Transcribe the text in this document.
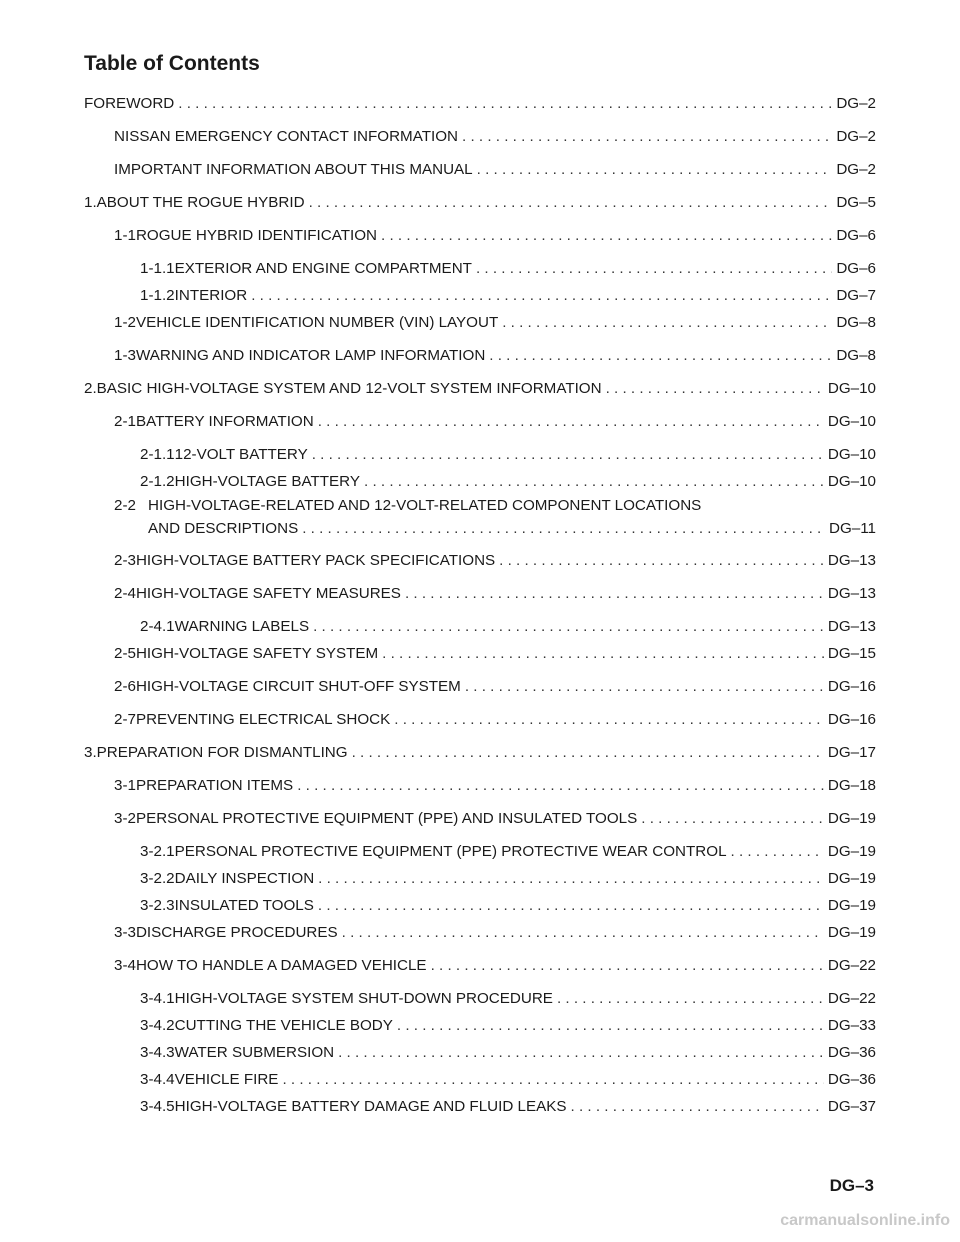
Table of Contents
FOREWORD . . .	DG–2
NISSAN EMERGENCY CONTACT INFORMATION . . .	DG–2
IMPORTANT INFORMATION ABOUT THIS MANUAL . . .	DG–2
1. ABOUT THE ROGUE HYBRID . . .	DG–5
1-1 ROGUE HYBRID IDENTIFICATION . . .	DG–6
1-1.1 EXTERIOR AND ENGINE COMPARTMENT . . .	DG–6
1-1.2 INTERIOR . . .	DG–7
1-2 VEHICLE IDENTIFICATION NUMBER (VIN) LAYOUT . . .	DG–8
1-3 WARNING AND INDICATOR LAMP INFORMATION . . .	DG–8
2. BASIC HIGH-VOLTAGE SYSTEM AND 12-VOLT SYSTEM INFORMATION . . .	DG–10
2-1 BATTERY INFORMATION . . .	DG–10
2-1.1 12-VOLT BATTERY . . .	DG–10
2-1.2 HIGH-VOLTAGE BATTERY . . .	DG–10
2-2 HIGH-VOLTAGE-RELATED AND 12-VOLT-RELATED COMPONENT LOCATIONS
AND DESCRIPTIONS . . .	DG–11
2-3 HIGH-VOLTAGE BATTERY PACK SPECIFICATIONS . . .	DG–13
2-4 HIGH-VOLTAGE SAFETY MEASURES . . .	DG–13
2-4.1 WARNING LABELS . . .	DG–13
2-5 HIGH-VOLTAGE SAFETY SYSTEM . . .	DG–15
2-6 HIGH-VOLTAGE CIRCUIT SHUT-OFF SYSTEM . . .	DG–16
2-7 PREVENTING ELECTRICAL SHOCK . . .	DG–16
3. PREPARATION FOR DISMANTLING . . .	DG–17
3-1 PREPARATION ITEMS . . .	DG–18
3-2 PERSONAL PROTECTIVE EQUIPMENT (PPE) AND INSULATED TOOLS . . .	DG–19
3-2.1 PERSONAL PROTECTIVE EQUIPMENT (PPE) PROTECTIVE WEAR CONTROL . . .	DG–19
3-2.2 DAILY INSPECTION . . .	DG–19
3-2.3 INSULATED TOOLS . . .	DG–19
3-3 DISCHARGE PROCEDURES . . .	DG–19
3-4 HOW TO HANDLE A DAMAGED VEHICLE . . .	DG–22
3-4.1 HIGH-VOLTAGE SYSTEM SHUT-DOWN PROCEDURE . . .	DG–22
3-4.2 CUTTING THE VEHICLE BODY . . .	DG–33
3-4.3 WATER SUBMERSION . . .	DG–36
3-4.4 VEHICLE FIRE . . .	DG–36
3-4.5 HIGH-VOLTAGE BATTERY DAMAGE AND FLUID LEAKS . . .	DG–37
DG–3
carmanualsonline.info
